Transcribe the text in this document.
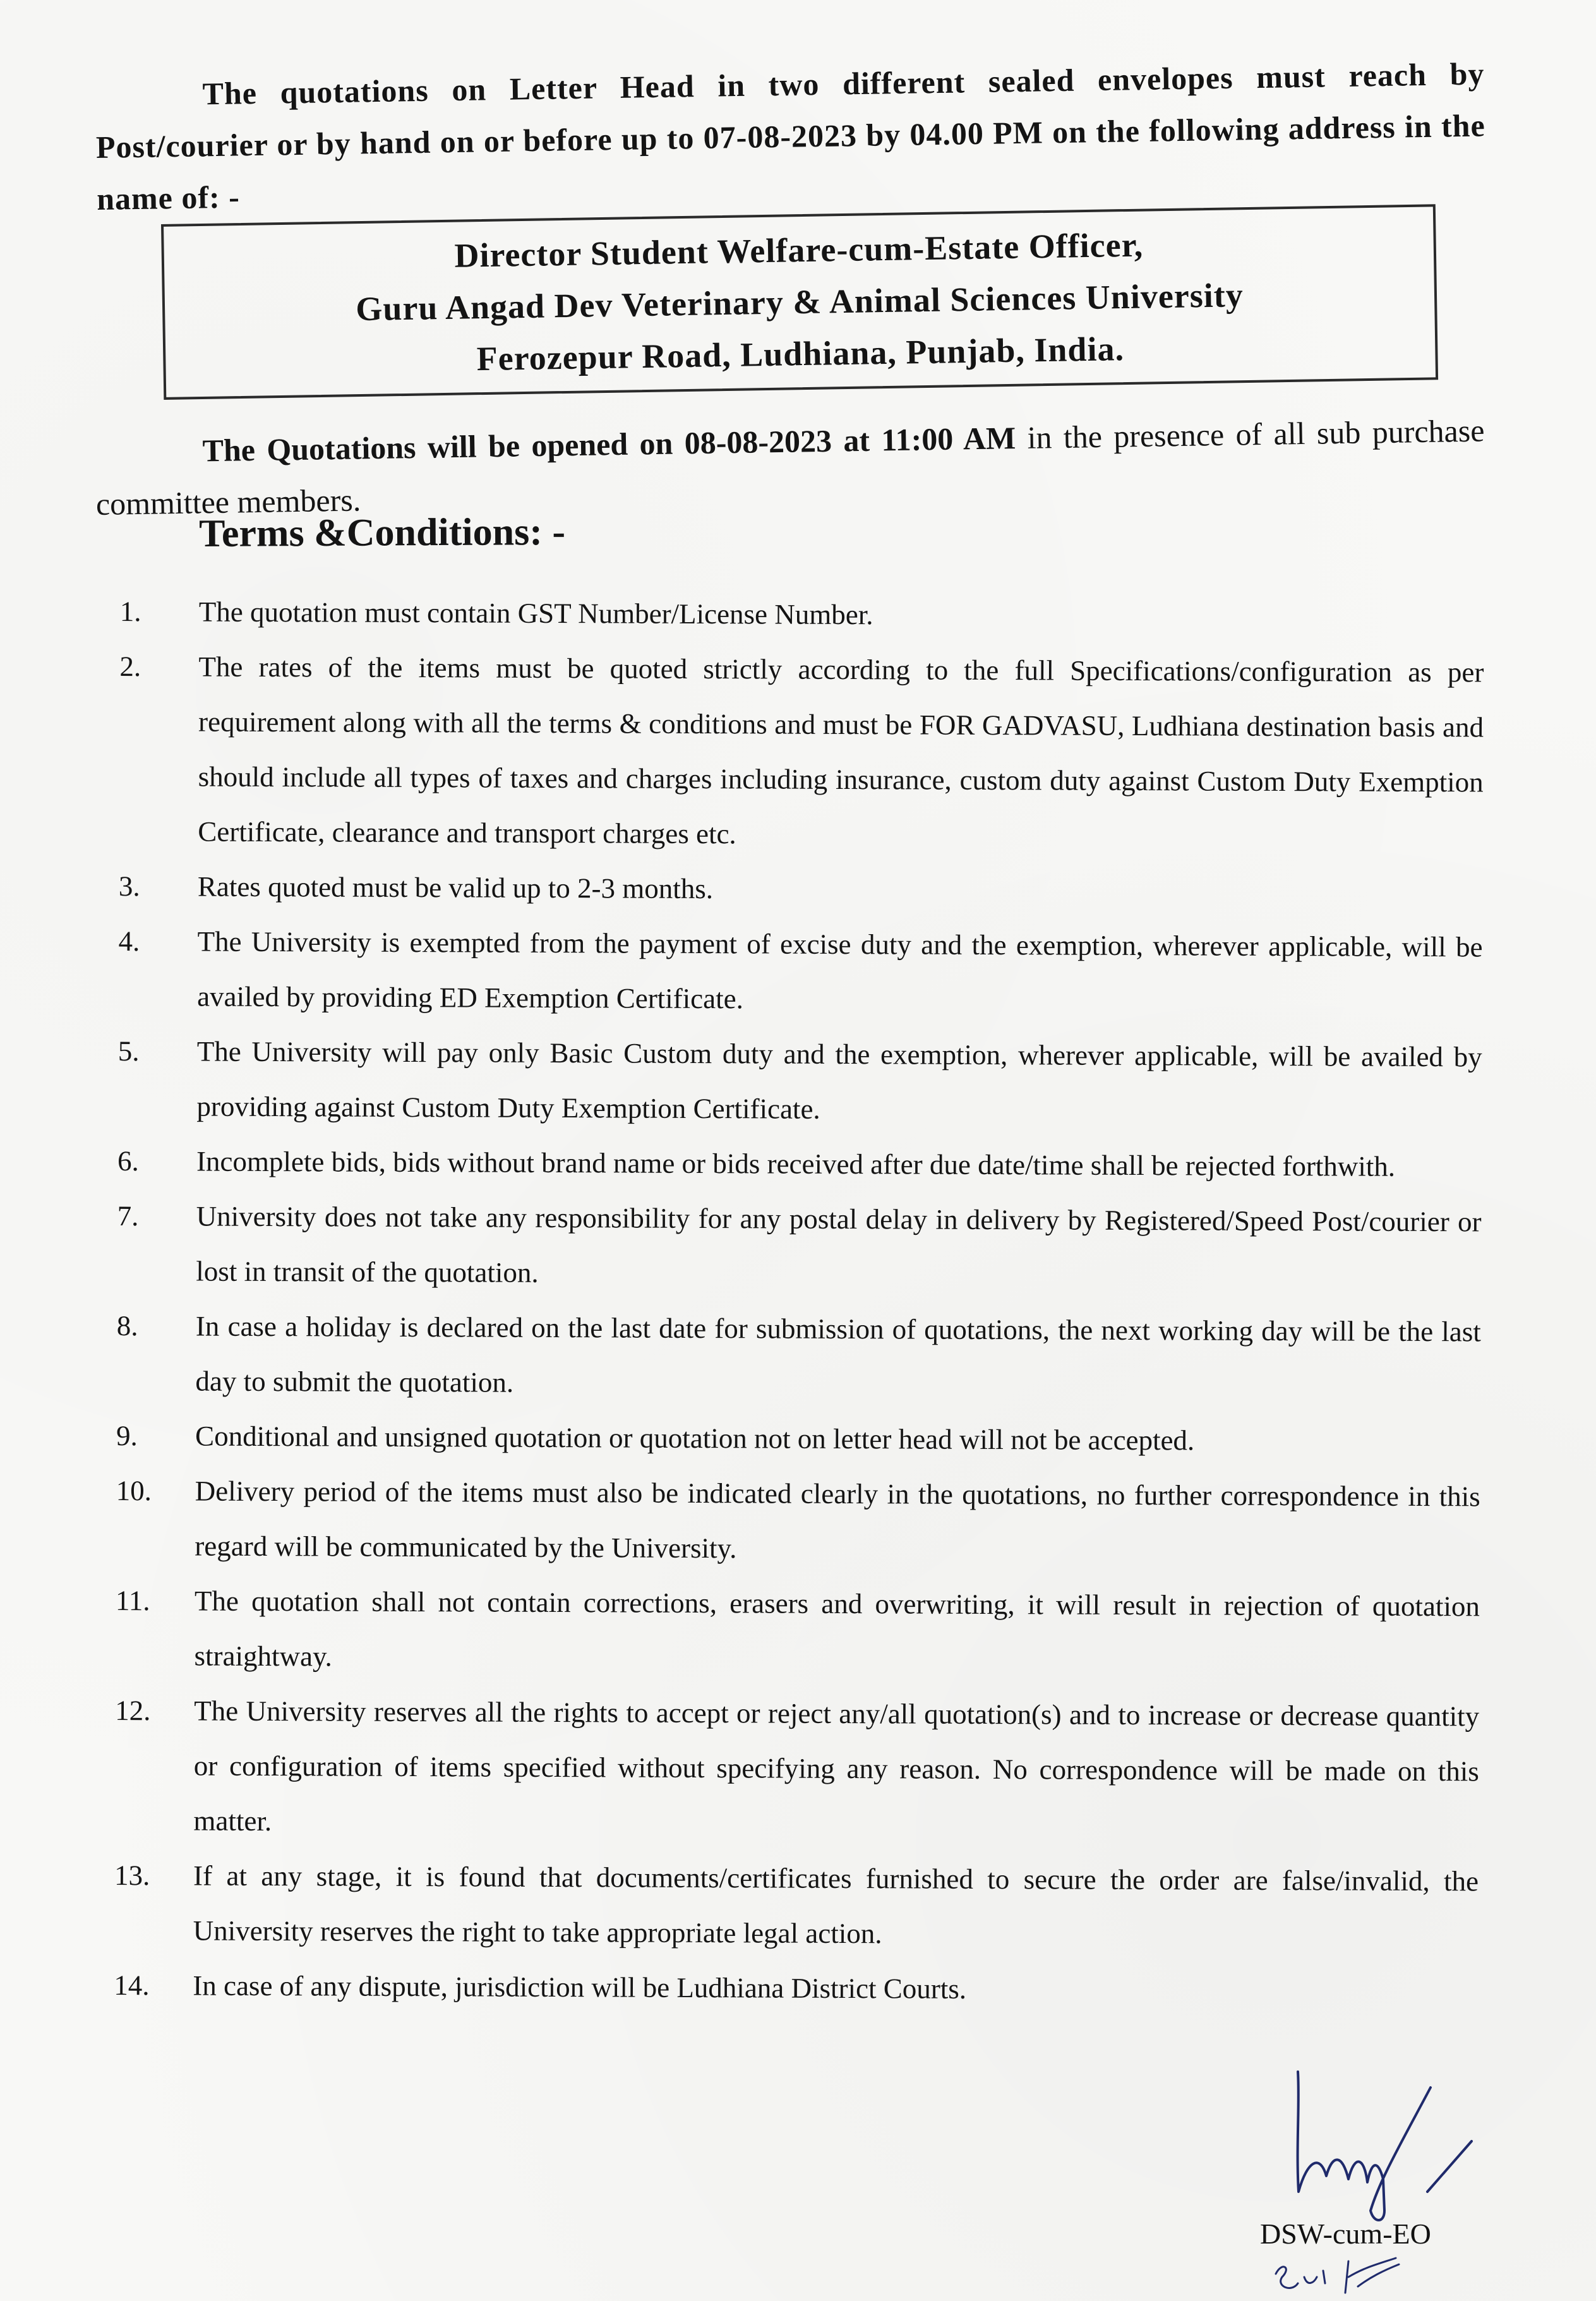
The quotations on Letter Head in two different sealed envelopes must reach by Post/courier or by hand on or before up to 07-08-2023 by 04.00 PM on the following address in the name of: -

Director Student Welfare-cum-Estate Officer,
Guru Angad Dev Veterinary & Animal Sciences University
Ferozepur Road, Ludhiana, Punjab, India.

The Quotations will be opened on 08-08-2023 at 11:00 AM in the presence of all sub purchase committee members.

Terms &Conditions: -
1.	The quotation must contain GST Number/License Number.
2.	The rates of the items must be quoted strictly according to the full Specifications/configuration as per requirement along with all the terms & conditions and must be FOR GADVASU, Ludhiana destination basis and should include all types of taxes and charges including insurance, custom duty against Custom Duty Exemption Certificate, clearance and transport charges etc.
3.	Rates quoted must be valid up to 2-3 months.
4.	The University is exempted from the payment of excise duty and the exemption, wherever applicable, will be availed by providing ED Exemption Certificate.
5.	The University will pay only Basic Custom duty and the exemption, wherever applicable, will be availed by providing against Custom Duty Exemption Certificate.
6.	Incomplete bids, bids without brand name or bids received after due date/time shall be rejected forthwith.
7.	University does not take any responsibility for any postal delay in delivery by Registered/Speed Post/courier or lost in transit of the quotation.
8.	In case a holiday is declared on the last date for submission of quotations, the next working day will be the last day to submit the quotation.
9.	Conditional and unsigned quotation or quotation not on letter head will not be accepted.
10.	Delivery period of the items must also be indicated clearly in the quotations, no further correspondence in this regard will be communicated by the University.
11.	The quotation shall not contain corrections, erasers and overwriting, it will result in rejection of quotation straightway.
12.	The University reserves all the rights to accept or reject any/all quotation(s) and to increase or decrease quantity or configuration of items specified without specifying any reason. No correspondence will be made on this matter.
13.	If at any stage, it is found that documents/certificates furnished to secure the order are false/invalid, the University reserves the right to take appropriate legal action.
14.	In case of any dispute, jurisdiction will be Ludhiana District Courts.
DSW-cum-EO
